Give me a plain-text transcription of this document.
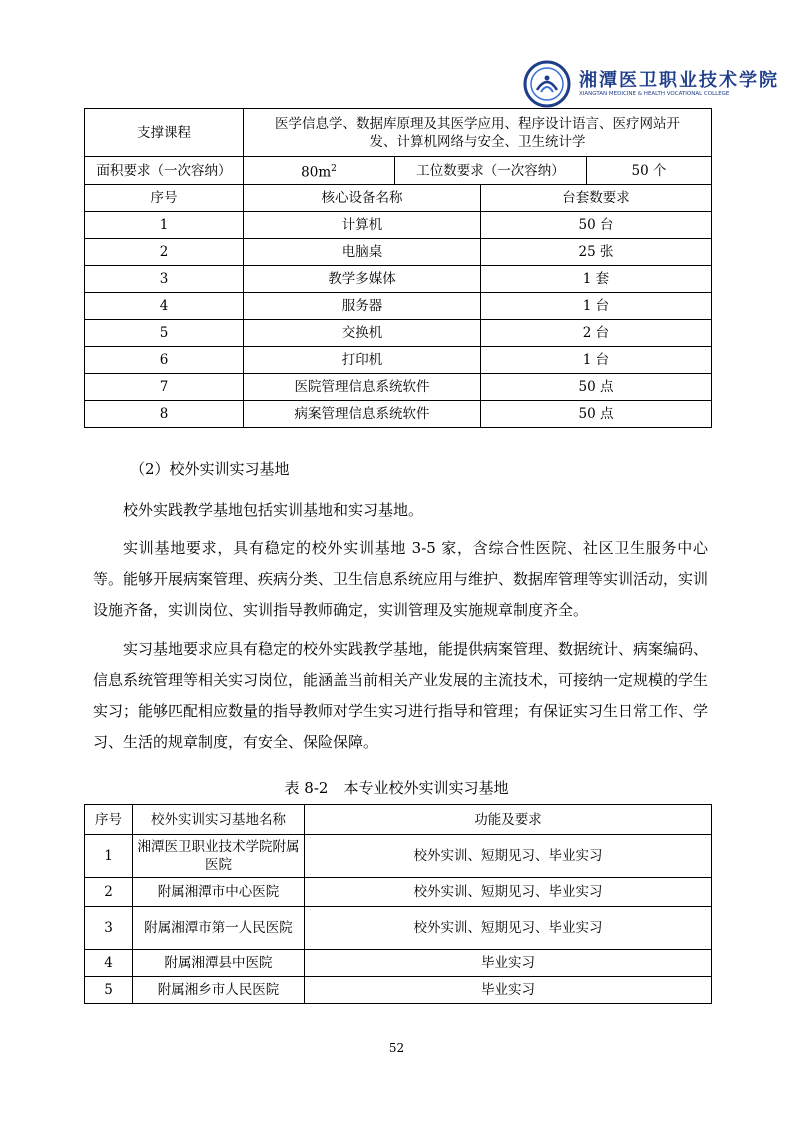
湘潭医卫职业技术学院
XIANGTAN MEDICINE & HEALTH VOCATIONAL COLLEGE
支撑课程	医学信息学、数据库原理及其医学应用、程序设计语言、医疗网站开发、计算机网络与安全、卫生统计学			
面积要求（一次容纳）	$80m^2$	工位数要求（一次容纳）		50 个
序号	核心设备名称		台套数要求	
1	计算机		50 台	
2	电脑桌		25 张	
3	教学多媒体		1 套	
4	服务器		1 台	
5	交换机		2 台	
6	打印机		1 台	
7	医院管理信息系统软件		50 点	
8	病案管理信息系统软件		50 点	
（2）校外实训实习基地
校外实践教学基地包括实训基地和实习基地。
实训基地要求，具有稳定的校外实训基地 3-5 家，含综合性医院、社区卫生服务中心等。能够开展病案管理、疾病分类、卫生信息系统应用与维护、数据库管理等实训活动，实训设施齐备，实训岗位、实训指导教师确定，实训管理及实施规章制度齐全。
实习基地要求应具有稳定的校外实践教学基地，能提供病案管理、数据统计、病案编码、信息系统管理等相关实习岗位，能涵盖当前相关产业发展的主流技术，可接纳一定规模的学生实习；能够匹配相应数量的指导教师对学生实习进行指导和管理；有保证实习生日常工作、学习、生活的规章制度，有安全、保险保障。
表 8-2　本专业校外实训实习基地
序号	校外实训实习基地名称	功能及要求
1	湘潭医卫职业技术学院附属医院	校外实训、短期见习、毕业实习
2	附属湘潭市中心医院	校外实训、短期见习、毕业实习
3	附属湘潭市第一人民医院	校外实训、短期见习、毕业实习
4	附属湘潭县中医院	毕业实习
5	附属湘乡市人民医院	毕业实习
52
